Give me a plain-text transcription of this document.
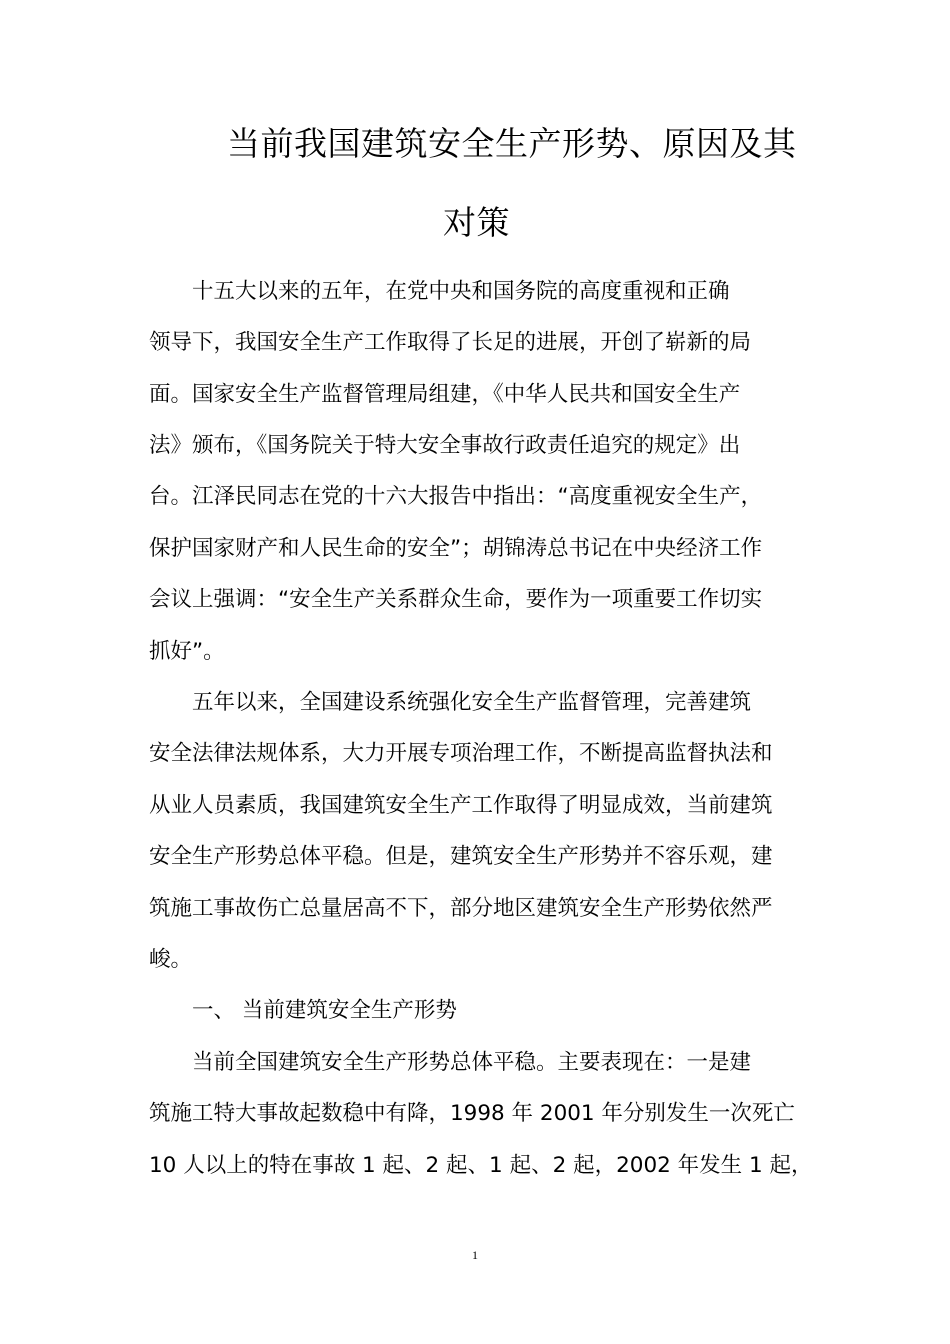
当前我国建筑安全生产形势、原因及其
对策
　　十五大以来的五年，在党中央和国务院的高度重视和正确
领导下，我国安全生产工作取得了长足的进展，开创了崭新的局
面。国家安全生产监督管理局组建，《中华人民共和国安全生产
法》颁布，《国务院关于特大安全事故行政责任追究的规定》出
台。江泽民同志在党的十六大报告中指出：“高度重视安全生产，
保护国家财产和人民生命的安全”；胡锦涛总书记在中央经济工作
会议上强调：“安全生产关系群众生命，要作为一项重要工作切实
抓好”。
　　五年以来，全国建设系统强化安全生产监督管理，完善建筑
安全法律法规体系，大力开展专项治理工作，不断提高监督执法和
从业人员素质，我国建筑安全生产工作取得了明显成效，当前建筑
安全生产形势总体平稳。但是，建筑安全生产形势并不容乐观，建
筑施工事故伤亡总量居高不下，部分地区建筑安全生产形势依然严
峻。
　　一、 当前建筑安全生产形势
　　当前全国建筑安全生产形势总体平稳。主要表现在：一是建
筑施工特大事故起数稳中有降，1998 年 2001 年分别发生一次死亡
10 人以上的特在事故 1 起、2 起、1 起、2 起，2002 年发生 1 起，
1
